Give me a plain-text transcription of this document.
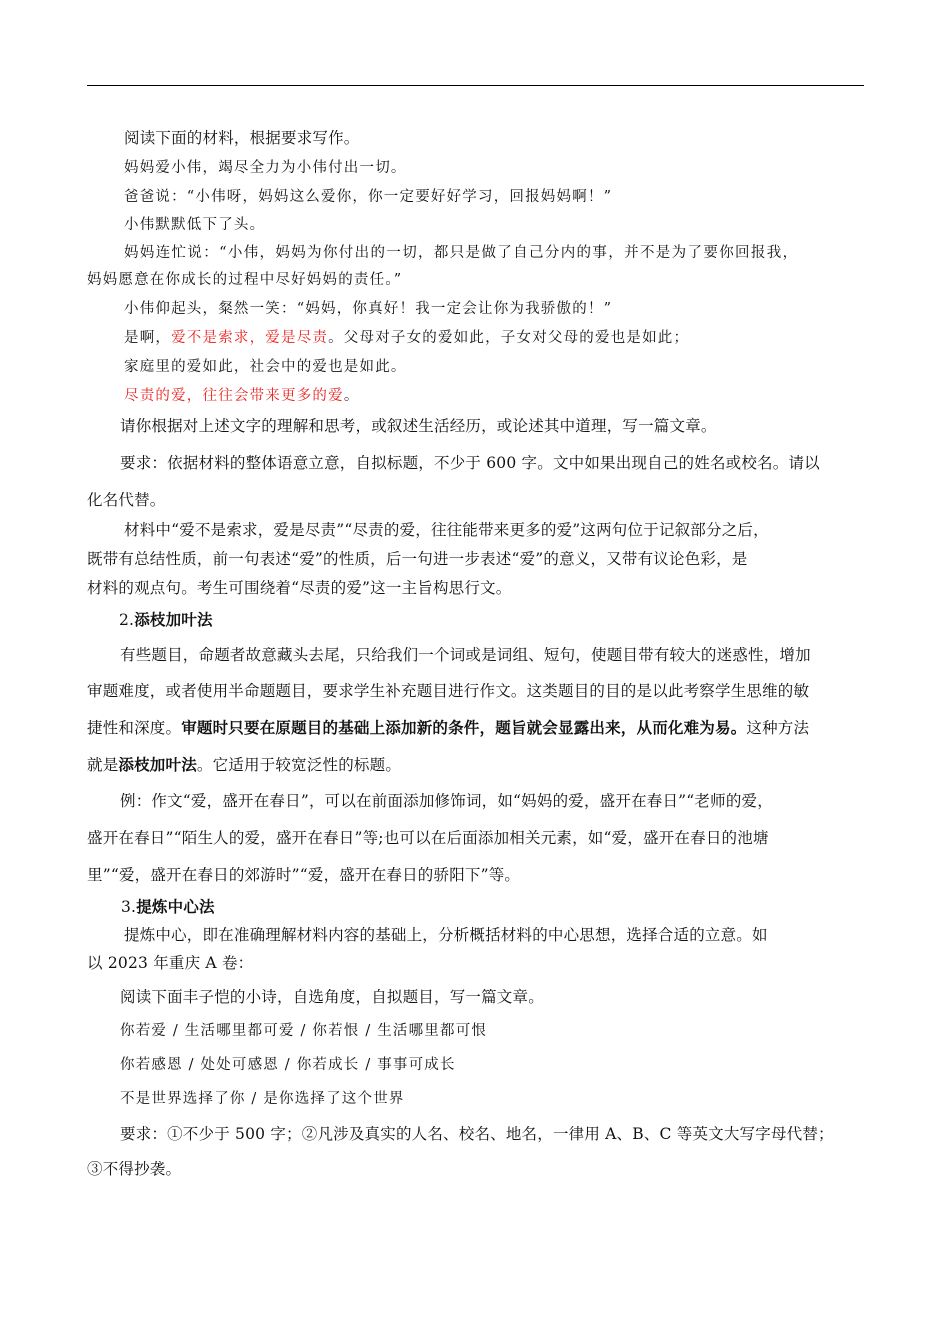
阅读下面的材料，根据要求写作。
妈妈爱小伟，竭尽全力为小伟付出一切。
爸爸说：“小伟呀，妈妈这么爱你，你一定要好好学习，回报妈妈啊！”
小伟默默低下了头。
妈妈连忙说：“小伟，妈妈为你付出的一切，都只是做了自己分内的事，并不是为了要你回报我，
妈妈愿意在你成长的过程中尽好妈妈的责任。”
小伟仰起头，粲然一笑：“妈妈，你真好！我一定会让你为我骄傲的！”
是啊，爱不是索求，爱是尽责。父母对子女的爱如此，子女对父母的爱也是如此；
家庭里的爱如此，社会中的爱也是如此。
尽责的爱，往往会带来更多的爱。
请你根据对上述文字的理解和思考，或叙述生活经历，或论述其中道理，写一篇文章。
要求：依据材料的整体语意立意，自拟标题，不少于 600 字。文中如果出现自己的姓名或校名。请以
化名代替。
材料中“爱不是索求，爱是尽责”“尽责的爱，往往能带来更多的爱”这两句位于记叙部分之后，
既带有总结性质，前一句表述“爱”的性质，后一句进一步表述“爱”的意义，又带有议论色彩，是
材料的观点句。考生可围绕着“尽责的爱”这一主旨构思行文。
2.添枝加叶法
有些题目，命题者故意藏头去尾，只给我们一个词或是词组、短句，使题目带有较大的迷惑性，增加
审题难度，或者使用半命题题目，要求学生补充题目进行作文。这类题目的目的是以此考察学生思维的敏
捷性和深度。审题时只要在原题目的基础上添加新的条件，题旨就会显露出来，从而化难为易。这种方法
就是添枝加叶法。它适用于较宽泛性的标题。
例：作文“爱，盛开在春日”，可以在前面添加修饰词，如“妈妈的爱，盛开在春日”“老师的爱，
盛开在春日”“陌生人的爱，盛开在春日”等;也可以在后面添加相关元素，如“爱，盛开在春日的池塘
里”“爱，盛开在春日的郊游时”“爱，盛开在春日的骄阳下”等。
3.提炼中心法
提炼中心，即在准确理解材料内容的基础上，分析概括材料的中心思想，选择合适的立意。如
以 2023 年重庆 A 卷：
阅读下面丰子恺的小诗，自选角度，自拟题目，写一篇文章。
你若爱 / 生活哪里都可爱 / 你若恨 / 生活哪里都可恨
你若感恩 / 处处可感恩 / 你若成长 / 事事可成长
不是世界选择了你 / 是你选择了这个世界
要求：①不少于 500 字；②凡涉及真实的人名、校名、地名，一律用 A、B、C 等英文大写字母代替；
③不得抄袭。
